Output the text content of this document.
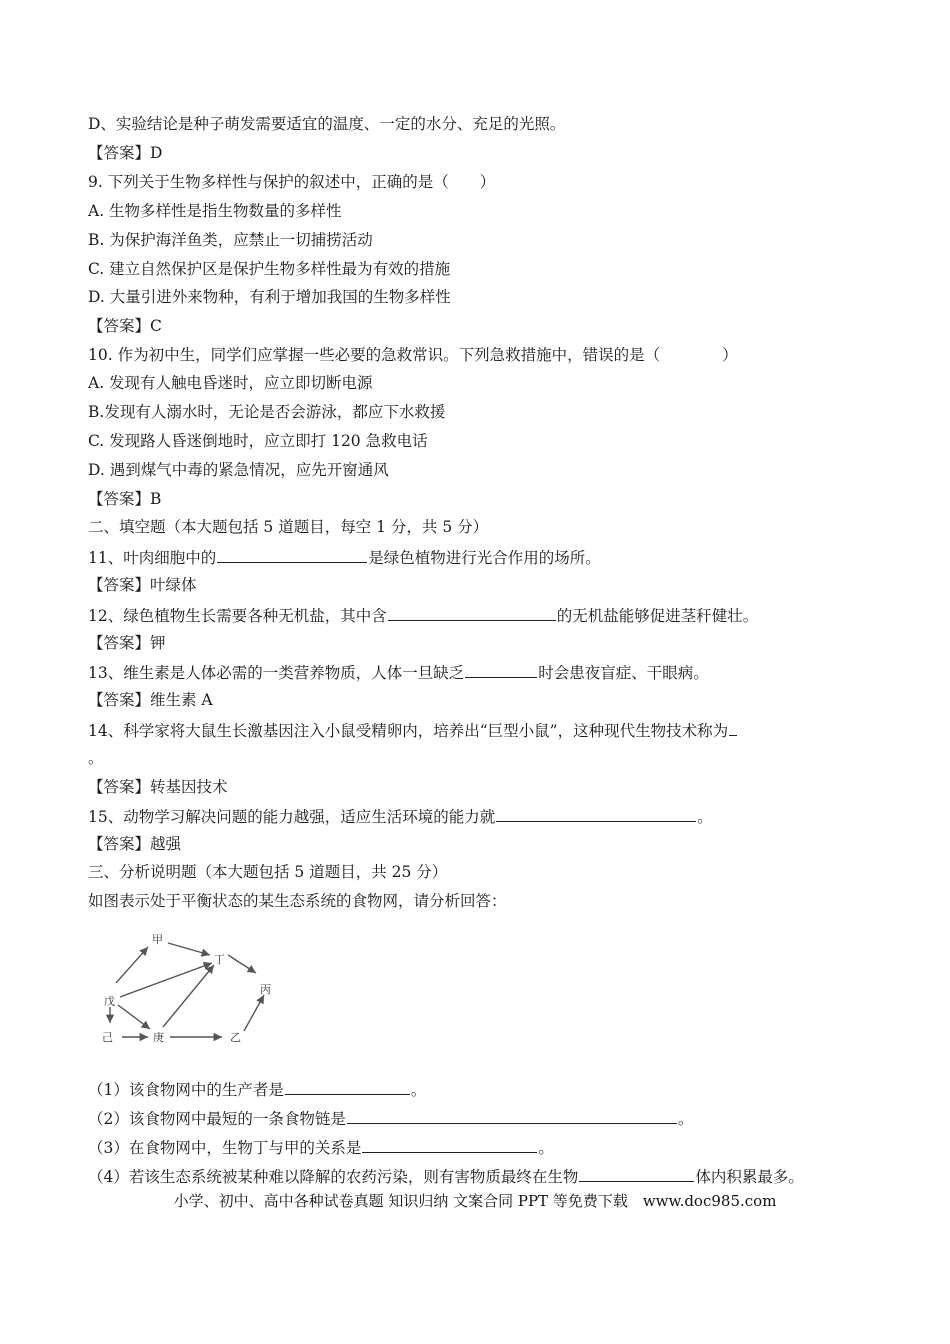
D、实验结论是种子萌发需要适宜的温度、一定的水分、充足的光照。
【答案】D
9. 下列关于生物多样性与保护的叙述中，正确的是（　　）
A. 生物多样性是指生物数量的多样性
B. 为保护海洋鱼类，应禁止一切捕捞活动
C. 建立自然保护区是保护生物多样性最为有效的措施
D. 大量引进外来物种，有利于增加我国的生物多样性
【答案】C
10. 作为初中生，同学们应掌握一些必要的急救常识。下列急救措施中，错误的是（　　　　）
A. 发现有人触电昏迷时，应立即切断电源
B.发现有人溺水时，无论是否会游泳，都应下水救援
C. 发现路人昏迷倒地时，应立即打 120 急救电话
D. 遇到煤气中毒的紧急情况，应先开窗通风
【答案】B
二、填空题（本大题包括 5 道题目，每空 1 分，共 5 分）
11、叶肉细胞中的	是绿色植物进行光合作用的场所。
【答案】叶绿体
12、绿色植物生长需要各种无机盐，其中含	的无机盐能够促进茎秆健壮。
【答案】钾
13、维生素是人体必需的一类营养物质，人体一旦缺乏	时会患夜盲症、干眼病。
【答案】维生素 A
14、科学家将大鼠生长激基因注入小鼠受精卵内，培养出“巨型小鼠”，这种现代生物技术称为
。
【答案】转基因技术
15、动物学习解决问题的能力越强，适应生活环境的能力就	。
【答案】越强
三、分析说明题（本大题包括 5 道题目，共 25 分）
如图表示处于平衡状态的某生态系统的食物网，请分析回答：
甲
丁
丙
戊
庚	乙
己
（1）该食物网中的生产者是	。
（2）该食物网中最短的一条食物链是	。
（3）在食物网中，生物丁与甲的关系是	。
（4）若该生态系统被某种难以降解的农药污染，则有害物质最终在生物	体内积累最多。
小学、初中、高中各种试卷真题 知识归纳 文案合同 PPT 等免费下载　www.doc985.com
